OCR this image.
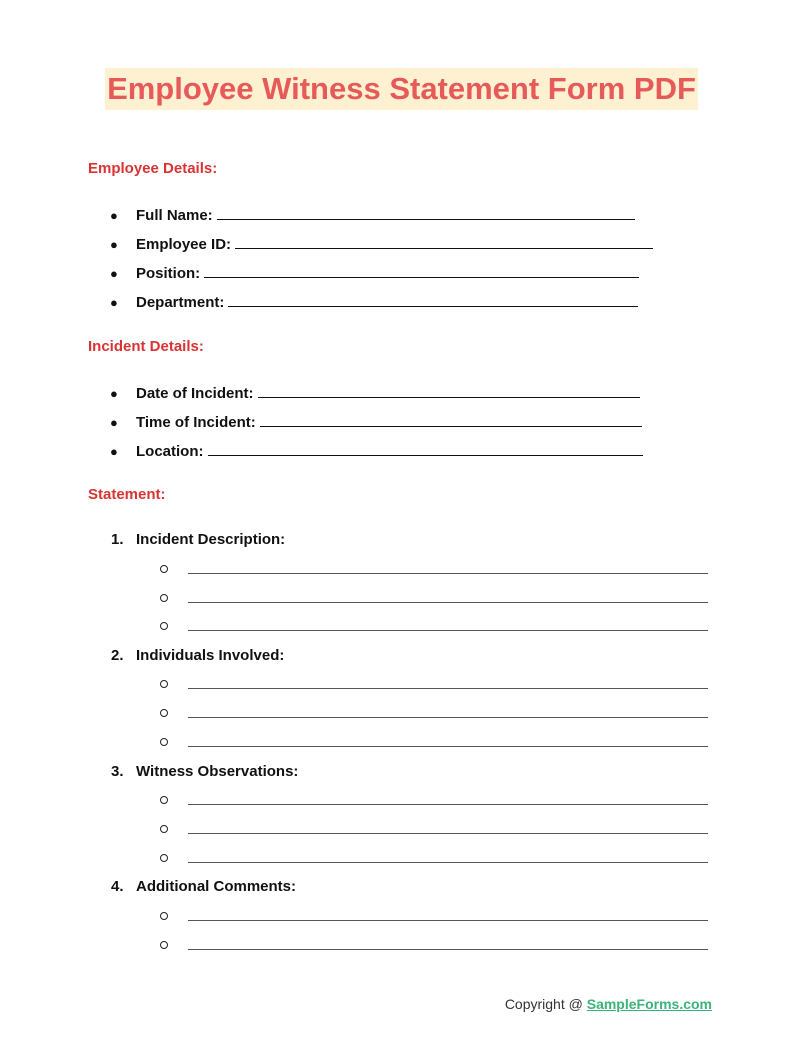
Employee Witness Statement Form PDF
Employee Details:
● Full Name:
● Employee ID:
● Position:
● Department:
Incident Details:
● Date of Incident:
● Time of Incident:
● Location:
Statement:
1. Incident Description:
2. Individuals Involved:
3. Witness Observations:
4. Additional Comments:
Copyright @ SampleForms.com
